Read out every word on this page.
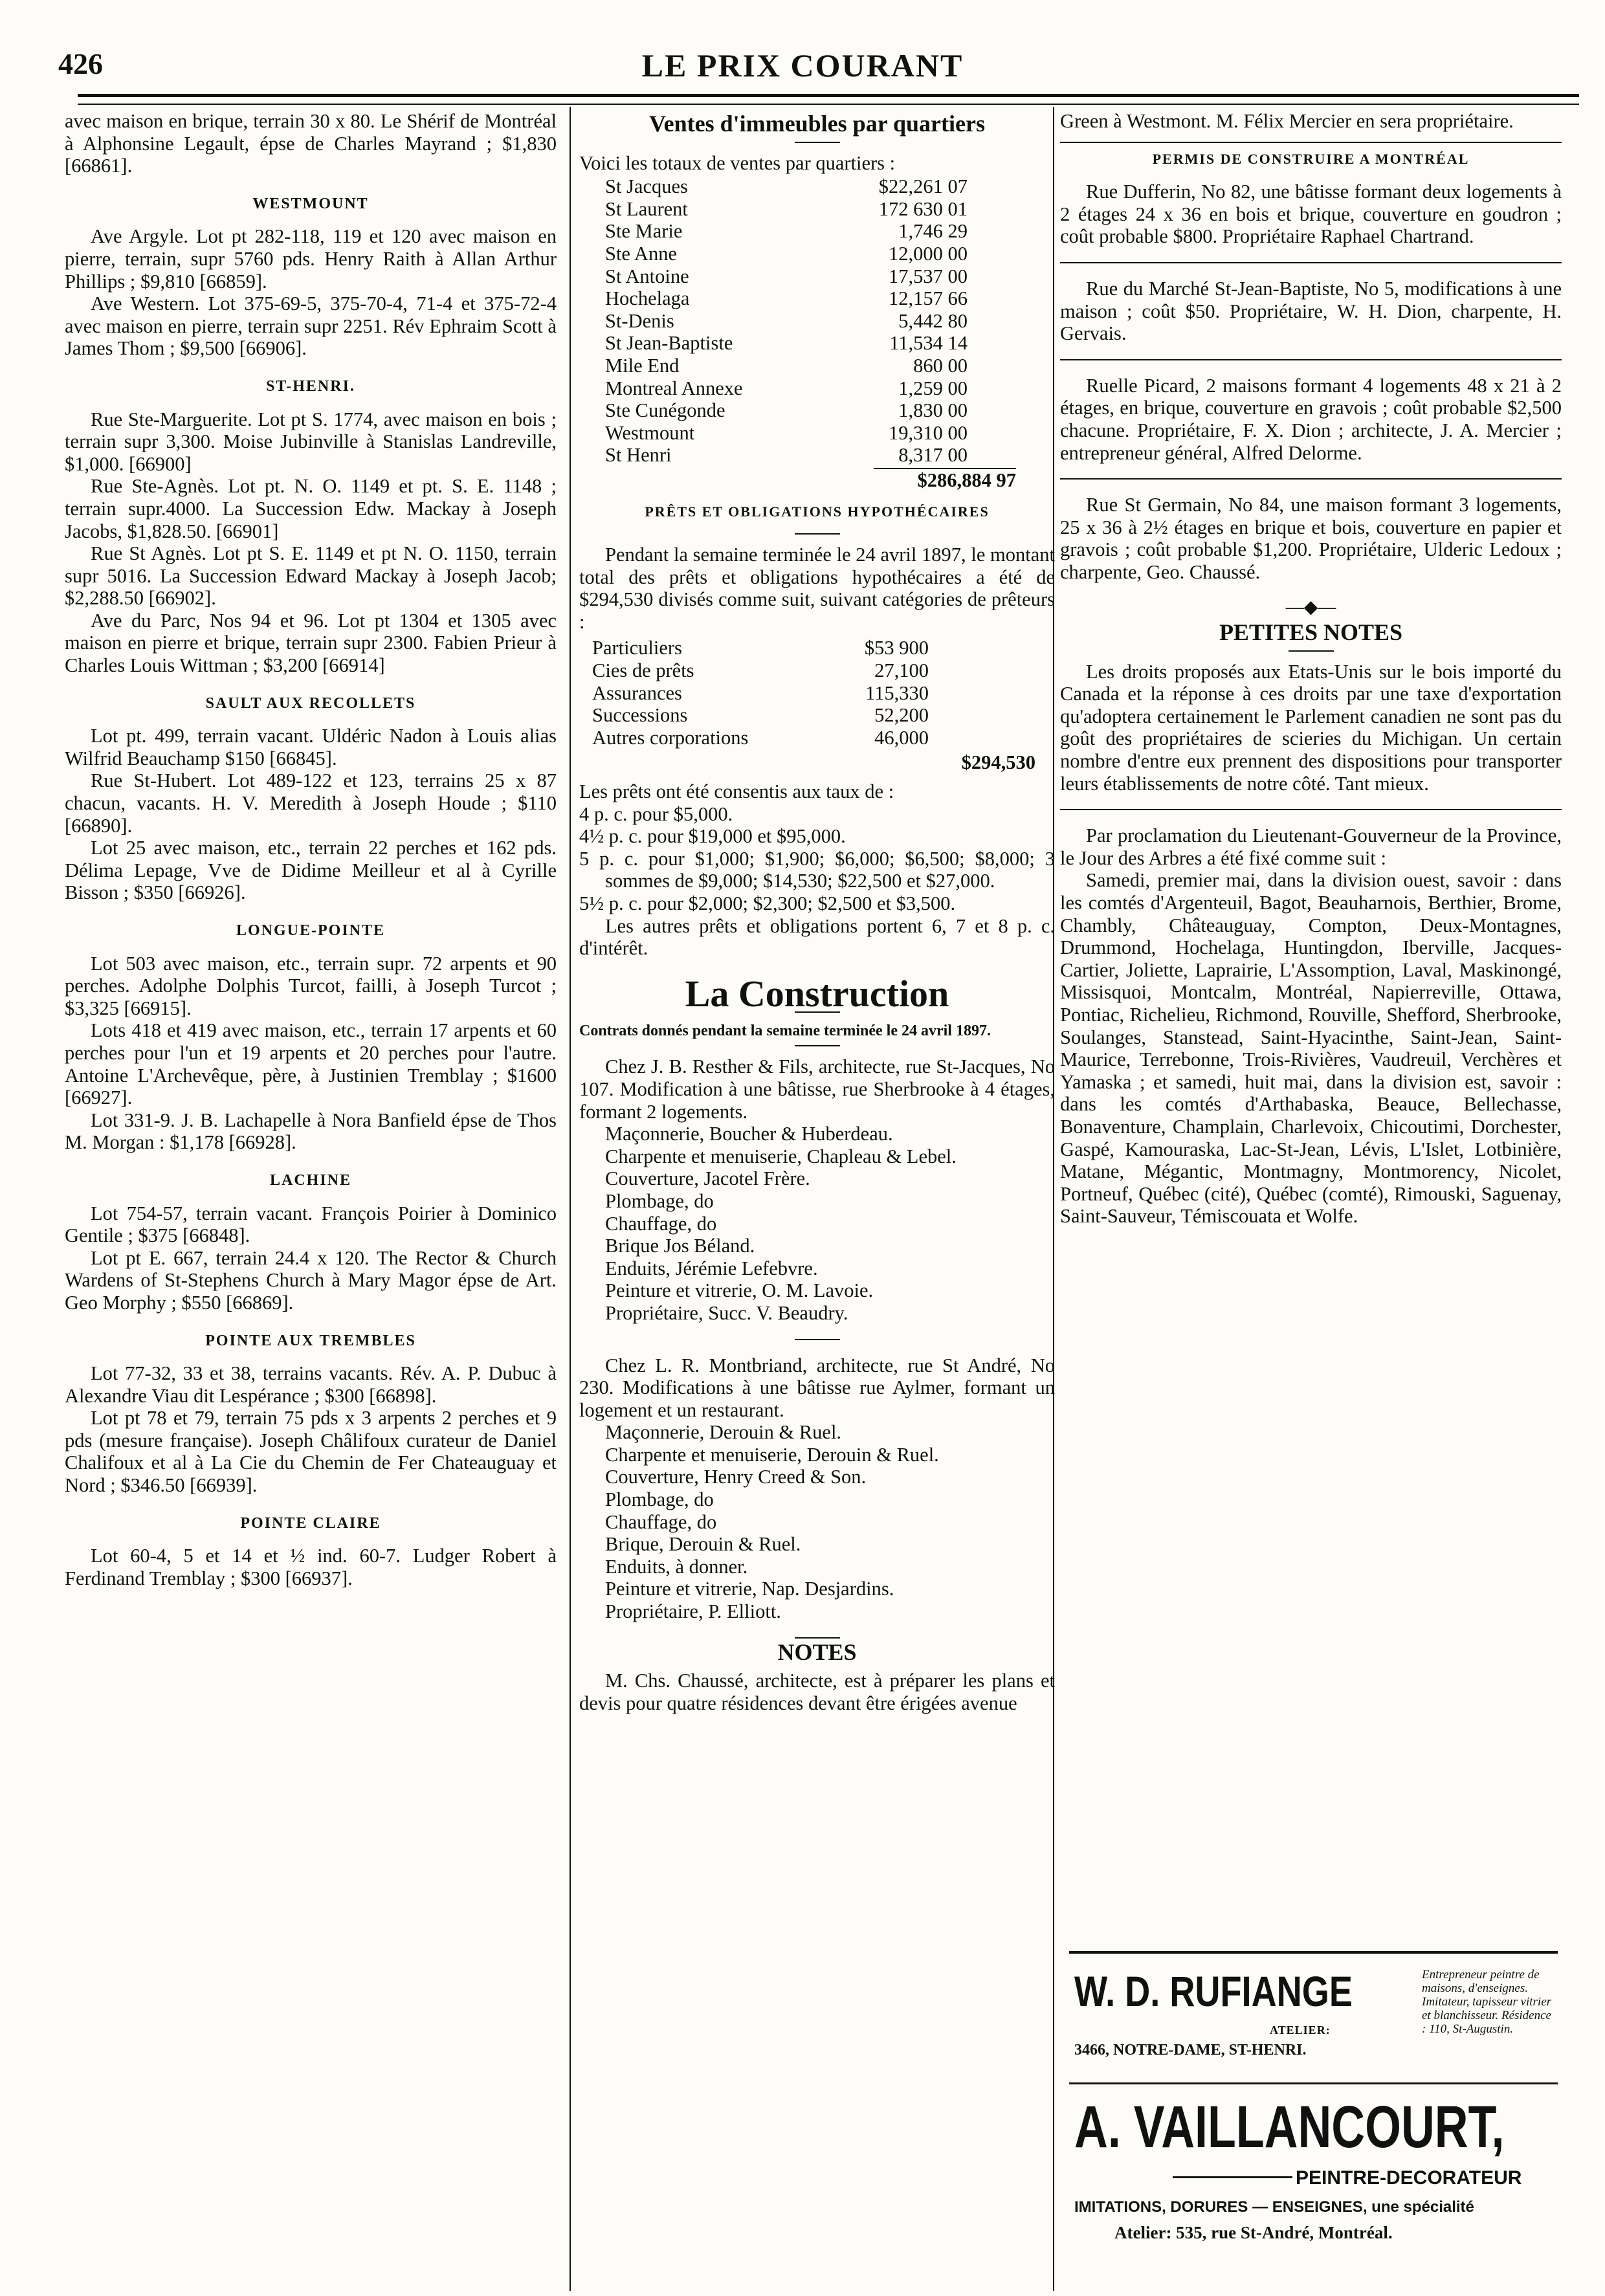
426	LE PRIX COURANT

avec maison en brique, terrain 30 x 80. Le Shérif de Montréal à Alphonsine Legault, épse de Charles Mayrand ; $1,830 [66861].

WESTMOUNT

Ave Argyle. Lot pt 282-118, 119 et 120 avec maison en pierre, terrain, supr 5760 pds. Henry Raith à Allan Arthur Phillips ; $9,810 [66859].

Ave Western. Lot 375-69-5, 375-70-4, 71-4 et 375-72-4 avec maison en pierre, terrain supr 2251. Rév Ephraim Scott à James Thom ; $9,500 [66906].

ST-HENRI.

Rue Ste-Marguerite. Lot pt S. 1774, avec maison en bois ; terrain supr 3,300. Moise Jubinville à Stanislas Landreville, $1,000. [66900]

Rue Ste-Agnès. Lot pt. N. O. 1149 et pt. S. E. 1148 ; terrain supr.4000. La Succession Edw. Mackay à Joseph Jacobs, $1,828.50. [66901]

Rue St Agnès. Lot pt S. E. 1149 et pt N. O. 1150, terrain supr 5016. La Succession Edward Mackay à Joseph Jacob; $2,288.50 [66902].

Ave du Parc, Nos 94 et 96. Lot pt 1304 et 1305 avec maison en pierre et brique, terrain supr 2300. Fabien Prieur à Charles Louis Wittman ; $3,200 [66914]

SAULT AUX RECOLLETS

Lot pt. 499, terrain vacant. Uldéric Nadon à Louis alias Wilfrid Beauchamp $150 [66845].

Rue St-Hubert. Lot 489-122 et 123, terrains 25 x 87 chacun, vacants. H. V. Meredith à Joseph Houde ; $110 [66890].

Lot 25 avec maison, etc., terrain 22 perches et 162 pds. Délima Lepage, Vve de Didime Meilleur et al à Cyrille Bisson ; $350 [66926].

LONGUE-POINTE

Lot 503 avec maison, etc., terrain supr. 72 arpents et 90 perches. Adolphe Dolphis Turcot, failli, à Joseph Turcot ; $3,325 [66915].

Lots 418 et 419 avec maison, etc., terrain 17 arpents et 60 perches pour l'un et 19 arpents et 20 perches pour l'autre. Antoine L'Archevêque, père, à Justinien Tremblay ; $1600 [66927].

Lot 331-9. J. B. Lachapelle à Nora Banfield épse de Thos M. Morgan : $1,178 [66928].

LACHINE

Lot 754-57, terrain vacant. François Poirier à Dominico Gentile ; $375 [66848].

Lot pt E. 667, terrain 24.4 x 120. The Rector & Church Wardens of St-Stephens Church à Mary Magor épse de Art. Geo Morphy ; $550 [66869].

POINTE AUX TREMBLES

Lot 77-32, 33 et 38, terrains vacants. Rév. A. P. Dubuc à Alexandre Viau dit Lespérance ; $300 [66898].

Lot pt 78 et 79, terrain 75 pds x 3 arpents 2 perches et 9 pds (mesure française). Joseph Châlifoux curateur de Daniel Chalifoux et al à La Cie du Chemin de Fer Chateauguay et Nord ; $346.50 [66939].

POINTE CLAIRE

Lot 60-4, 5 et 14 et ½ ind. 60-7. Ludger Robert à Ferdinand Tremblay ; $300 [66937].

Ventes d'immeubles par quartiers

Voici les totaux de ventes par quartiers :

St Jacques	$22,261 07
St Laurent	172 630 01
Ste Marie	1,746 29
Ste Anne	12,000 00
St Antoine	17,537 00
Hochelaga	12,157 66
St-Denis	5,442 80
St Jean-Baptiste	11,534 14
Mile End	860 00
Montreal Annexe	1,259 00
Ste Cunégonde	1,830 00
Westmount	19,310 00
St Henri	8,317 00
$286,884 97
PRÊTS ET OBLIGATIONS HYPOTHÉCAIRES

Pendant la semaine terminée le 24 avril 1897, le montant total des prêts et obligations hypothécaires a été de $294,530 divisés comme suit, suivant catégories de prêteurs :

Particuliers	$53 900
Cies de prêts	27,100
Assurances	115,330
Successions	52,200
Autres corporations	46,000
$294,530

Les prêts ont été consentis aux taux de :

4 p. c. pour $5,000.

4½ p. c. pour $19,000 et $95,000.

5 p. c. pour $1,000; $1,900; $6,000; $6,500; $8,000; 3 sommes de $9,000; $14,530; $22,500 et $27,000.

5½ p. c. pour $2,000; $2,300; $2,500 et $3,500.

Les autres prêts et obligations portent 6, 7 et 8 p. c. d'intérêt.

La Construction

Contrats donnés pendant la semaine terminée le 24 avril 1897.

Chez J. B. Resther & Fils, architecte, rue St-Jacques, No 107. Modification à une bâtisse, rue Sherbrooke à 4 étages, formant 2 logements.

Maçonnerie, Boucher & Huberdeau.

Charpente et menuiserie, Chapleau & Lebel.

Couverture, Jacotel Frère.

Plombage, do

Chauffage, do

Brique Jos Béland.

Enduits, Jérémie Lefebvre.

Peinture et vitrerie, O. M. Lavoie.

Propriétaire, Succ. V. Beaudry.

Chez L. R. Montbriand, architecte, rue St André, No 230. Modifications à une bâtisse rue Aylmer, formant un logement et un restaurant.

Maçonnerie, Derouin & Ruel.

Charpente et menuiserie, Derouin & Ruel.

Couverture, Henry Creed & Son.

Plombage, do

Chauffage, do

Brique, Derouin & Ruel.

Enduits, à donner.

Peinture et vitrerie, Nap. Desjardins.

Propriétaire, P. Elliott.

NOTES

M. Chs. Chaussé, architecte, est à préparer les plans et devis pour quatre résidences devant être érigées avenue

Green à Westmont. M. Félix Mercier en sera propriétaire.

PERMIS DE CONSTRUIRE A MONTRÉAL

Rue Dufferin, No 82, une bâtisse formant deux logements à 2 étages 24 x 36 en bois et brique, couverture en goudron ; coût probable $800. Propriétaire Raphael Chartrand.

Rue du Marché St-Jean-Baptiste, No 5, modifications à une maison ; coût $50. Propriétaire, W. H. Dion, charpente, H. Gervais.

Ruelle Picard, 2 maisons formant 4 logements 48 x 21 à 2 étages, en brique, couverture en gravois ; coût probable $2,500 chacune. Propriétaire, F. X. Dion ; architecte, J. A. Mercier ; entrepreneur général, Alfred Delorme.

Rue St Germain, No 84, une maison formant 3 logements, 25 x 36 à 2½ étages en brique et bois, couverture en papier et gravois ; coût probable $1,200. Propriétaire, Ulderic Ledoux ; charpente, Geo. Chaussé.

—◆—
PETITES NOTES

Les droits proposés aux Etats-Unis sur le bois importé du Canada et la réponse à ces droits par une taxe d'exportation qu'adoptera certainement le Parlement canadien ne sont pas du goût des propriétaires de scieries du Michigan. Un certain nombre d'entre eux prennent des dispositions pour transporter leurs établissements de notre côté. Tant mieux.

Par proclamation du Lieutenant-Gouverneur de la Province, le Jour des Arbres a été fixé comme suit :

Samedi, premier mai, dans la division ouest, savoir : dans les comtés d'Argenteuil, Bagot, Beauharnois, Berthier, Brome, Chambly, Châteauguay, Compton, Deux-Montagnes, Drummond, Hochelaga, Huntingdon, Iberville, Jacques-Cartier, Joliette, Laprairie, L'Assomption, Laval, Maskinongé, Missisquoi, Montcalm, Montréal, Napierreville, Ottawa, Pontiac, Richelieu, Richmond, Rouville, Shefford, Sherbrooke, Soulanges, Stanstead, Saint-Hyacinthe, Saint-Jean, Saint-Maurice, Terrebonne, Trois-Rivières, Vaudreuil, Verchères et Yamaska ; et samedi, huit mai, dans la division est, savoir : dans les comtés d'Arthabaska, Beauce, Bellechasse, Bonaventure, Champlain, Charlevoix, Chicoutimi, Dorchester, Gaspé, Kamouraska, Lac-St-Jean, Lévis, L'Islet, Lotbinière, Matane, Mégantic, Montmagny, Montmorency, Nicolet, Portneuf, Québec (cité), Québec (comté), Rimouski, Saguenay, Saint-Sauveur, Témiscouata et Wolfe.

W. D. RUFIANGE
ATELIER:
3466, NOTRE-DAME, ST-HENRI.
Entrepreneur peintre de maisons, d'enseignes. Imitateur, tapisseur vitrier et blanchisseur. Résidence : 110, St-Augustin.
A. VAILLANCOURT,
PEINTRE-DECORATEUR
IMITATIONS, DORURES — ENSEIGNES, une spécialité
Atelier: 535, rue St-André, Montréal.
